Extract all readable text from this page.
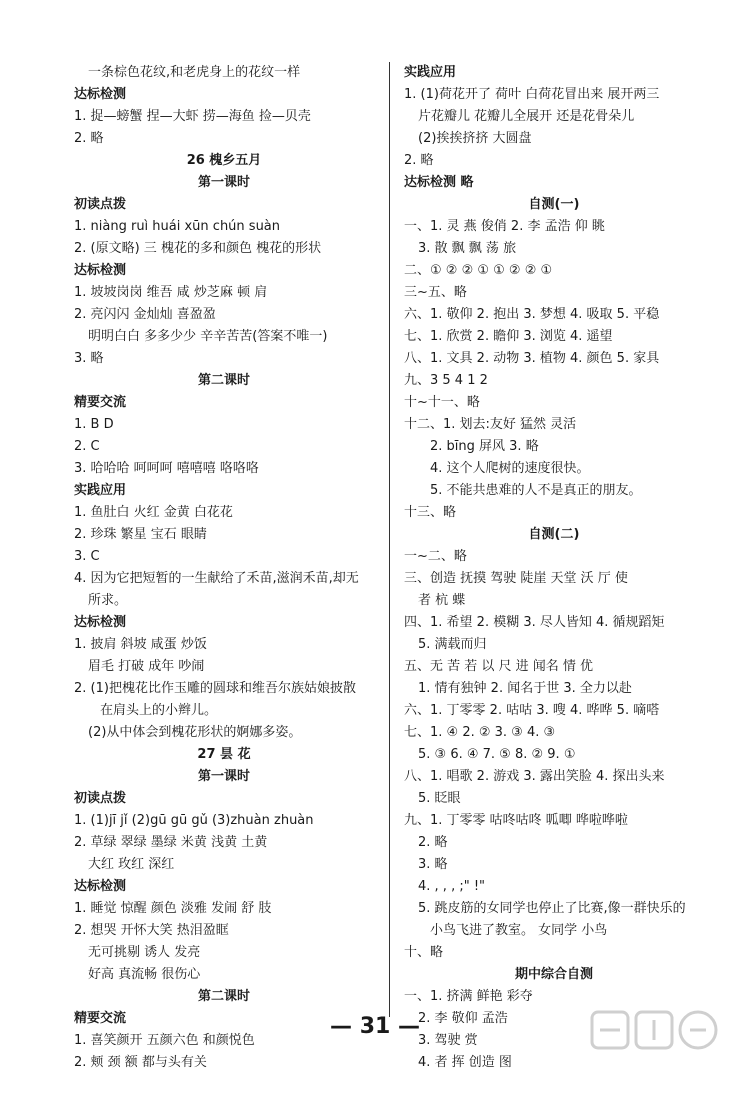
一条棕色花纹,和老虎身上的花纹一样
达标检测
1. 捉—螃蟹 捏—大虾 捞—海鱼 捡—贝壳
2. 略
26 槐乡五月
第一课时
初读点拨
1. niàng ruì huái xūn chún suàn
2. (原文略) 三 槐花的多和颜色 槐花的形状
达标检测
1. 坡坡岗岗 维吾 咸 炒芝麻 顿 肩
2. 亮闪闪 金灿灿 喜盈盈
明明白白 多多少少 辛辛苦苦(答案不唯一)
3. 略
第二课时
精要交流
1. B D
2. C
3. 哈哈哈 呵呵呵 嘻嘻嘻 咯咯咯
实践应用
1. 鱼肚白 火红 金黄 白花花
2. 珍珠 繁星 宝石 眼睛
3. C
4. 因为它把短暂的一生献给了禾苗,滋润禾苗,却无
所求。
达标检测
1. 披肩 斜坡 咸蛋 炒饭
眉毛 打破 成年 吵闹
2. (1)把槐花比作玉雕的圆球和维吾尔族姑娘披散
在肩头上的小辫儿。
(2)从中体会到槐花形状的婀娜多姿。
27 昙 花
第一课时
初读点拨
1. (1)jī jǐ (2)gū gū gǔ (3)zhuàn zhuàn
2. 草绿 翠绿 墨绿 米黄 浅黄 土黄
大红 玫红 深红
达标检测
1. 睡觉 惊醒 颜色 淡雅 发闹 舒 肢
2. 想哭 开怀大笑 热泪盈眶
无可挑剔 诱人 发亮
好高 真流畅 很伤心
第二课时
精要交流
1. 喜笑颜开 五颜六色 和颜悦色
2. 颊 颈 额 都与头有关
实践应用
1. (1)荷花开了 荷叶 白荷花冒出来 展开两三
片花瓣儿 花瓣儿全展开 还是花骨朵儿
(2)挨挨挤挤 大圆盘
2. 略
达标检测 略
自测(一)
一、1. 灵 燕 俊俏 2. 李 孟浩 仰 眺
3. 散 飘 飘 荡 旅
二、① ② ② ① ① ② ② ①
三~五、略
六、1. 敬仰 2. 抱出 3. 梦想 4. 吸取 5. 平稳
七、1. 欣赏 2. 瞻仰 3. 浏览 4. 遥望
八、1. 文具 2. 动物 3. 植物 4. 颜色 5. 家具
九、3 5 4 1 2
十~十一、略
十二、1. 划去:友好 猛然 灵活
2. bīng 屏风 3. 略
4. 这个人爬树的速度很快。
5. 不能共患难的人不是真正的朋友。
十三、略
自测(二)
一~二、略
三、创造 抚摸 驾驶 陡崖 天堂 沃 厅 使
者 杭 蝶
四、1. 希望 2. 模糊 3. 尽人皆知 4. 循规蹈矩
5. 满载而归
五、无 苦 若 以 尺 进 闻名 情 优
1. 情有独钟 2. 闻名于世 3. 全力以赴
六、1. 丁零零 2. 咕咕 3. 嗖 4. 哗哗 5. 嘀嗒
七、1. ④ 2. ② 3. ③ 4. ③
5. ③ 6. ④ 7. ⑤ 8. ② 9. ①
八、1. 唱歌 2. 游戏 3. 露出笑脸 4. 探出头来
5. 眨眼
九、1. 丁零零 咕咚咕咚 呱唧 哗啦哗啦
2. 略
3. 略
4. , , , ;" !"
5. 跳皮筋的女同学也停止了比赛,像一群快乐的
小鸟飞进了教室。 女同学 小鸟
十、略
期中综合自测
一、1. 挤满 鲜艳 彩夺
2. 李 敬仰 孟浩
3. 驾驶 赏
4. 者 挥 创造 图
— 31 —
